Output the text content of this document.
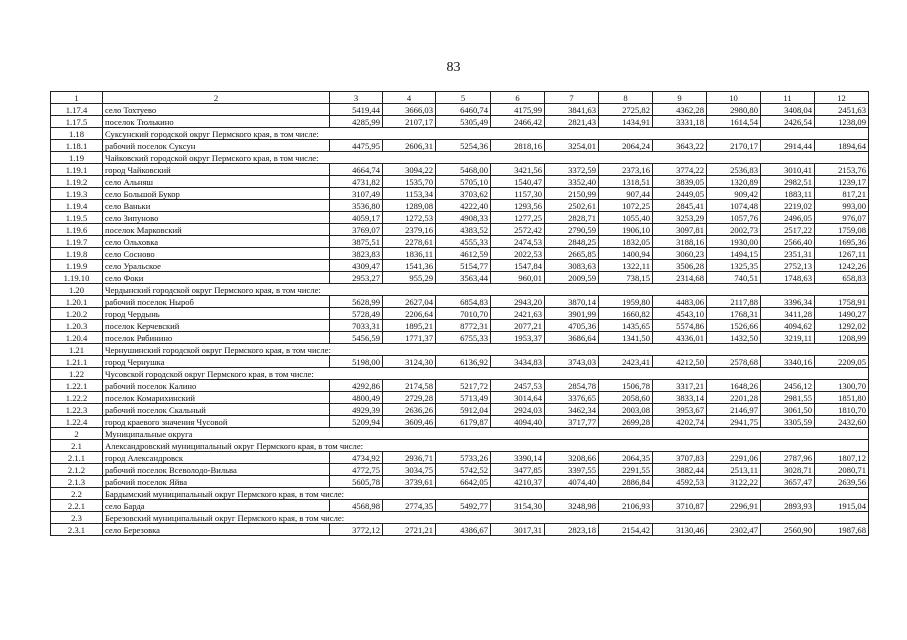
83
1	2	3	4	5	6	7	8	9	10	11	12
1.17.4	село Тохтуево	5419,44	3666,03	6460,74	4175,99	3841,63	2725,82	4362,28	2980,80	3408,04	2451,63
1.17.5	поселок Тюлькино	4285,99	2107,17	5305,49	2466,42	2821,43	1434,91	3331,18	1614,54	2426,54	1238,09
1.18	Суксунский городской округ Пермского края, в том числе:										
1.18.1	рабочий поселок Суксун	4475,95	2606,31	5254,36	2818,16	3254,01	2064,24	3643,22	2170,17	2914,44	1894,64
1.19	Чайковский городской округ Пермского края, в том числе:										
1.19.1	город Чайковский	4664,74	3094,22	5468,00	3421,56	3372,59	2373,16	3774,22	2536,83	3010,41	2153,76
1.19.2	село Альняш	4731,82	1535,70	5705,10	1540,47	3352,40	1318,51	3839,05	1320,89	2982,51	1239,17
1.19.3	село Большой Букор	3107,49	1153,34	3703,62	1157,30	2150,99	907,44	2449,05	909,42	1883,11	817,21
1.19.4	село Ваньки	3536,80	1289,08	4222,40	1293,56	2502,61	1072,25	2845,41	1074,48	2219,02	993,00
1.19.5	село Зипуново	4059,17	1272,53	4908,33	1277,25	2828,71	1055,40	3253,29	1057,76	2496,05	976,07
1.19.6	поселок Марковский	3769,07	2379,16	4383,52	2572,42	2790,59	1906,10	3097,81	2002,73	2517,22	1759,08
1.19.7	село Ольховка	3875,51	2278,61	4555,33	2474,53	2848,25	1832,05	3188,16	1930,00	2566,40	1695,36
1.19.8	село Сосново	3823,83	1836,11	4612,59	2022,53	2665,85	1400,94	3060,23	1494,15	2351,31	1267,11
1.19.9	село Уральское	4309,47	1541,36	5154,77	1547,84	3083,63	1322,11	3506,28	1325,35	2752,13	1242,26
1.19.10	село Фоки	2953,27	955,29	3563,44	960,01	2009,59	738,15	2314,68	740,51	1748,63	658,83
1.20	Чердынский городской округ Пермского края, в том числе:										
1.20.1	рабочий поселок Ныроб	5628,99	2627,04	6854,83	2943,20	3870,14	1959,80	4483,06	2117,88	3396,34	1758,91
1.20.2	город Чердынь	5728,49	2206,64	7010,70	2421,63	3901,99	1660,82	4543,10	1768,31	3411,28	1490,27
1.20.3	поселок Керчевский	7033,31	1895,21	8772,31	2077,21	4705,36	1435,65	5574,86	1526,66	4094,62	1292,02
1.20.4	поселок Рябинино	5456,59	1771,37	6755,33	1953,37	3686,64	1341,50	4336,01	1432,50	3219,11	1208,99
1.21	Чернушинский городской округ Пермского края, в том числе:										
1.21.1	город Чернушка	5198,00	3124,30	6136,92	3434,83	3743,03	2423,41	4212,50	2578,68	3340,16	2209,05
1.22	Чусовской городской округ Пермского края, в том числе:										
1.22.1	рабочий поселок Калино	4292,86	2174,58	5217,72	2457,53	2854,78	1506,78	3317,21	1648,26	2456,12	1300,70
1.22.2	поселок Комарихинский	4800,49	2729,28	5713,49	3014,64	3376,65	2058,60	3833,14	2201,28	2981,55	1851,80
1.22.3	рабочий поселок Скальный	4929,39	2636,26	5912,04	2924,03	3462,34	2003,08	3953,67	2146,97	3061,50	1810,70
1.22.4	город краевого значения Чусовой	5209,94	3609,46	6179,87	4094,40	3717,77	2699,28	4202,74	2941,75	3305,59	2432,60
2	Муниципальные округа										
2.1	Александровский муниципальный округ Пермского края, в том числе:										
2.1.1	город Александровск	4734,92	2936,71	5733,26	3390,14	3208,66	2064,35	3707,83	2291,06	2787,96	1807,12
2.1.2	рабочий поселок Всеволодо-Вильва	4772,75	3034,75	5742,52	3477,85	3397,55	2291,55	3882,44	2513,11	3028,71	2080,71
2.1.3	рабочий поселок Яйва	5605,78	3739,61	6642,05	4210,37	4074,40	2886,84	4592,53	3122,22	3657,47	2639,56
2.2	Бардымский муниципальный округ Пермского края, в том числе:										
2.2.1	село Барда	4568,98	2774,35	5492,77	3154,30	3248,98	2106,93	3710,87	2296,91	2893,93	1915,04
2.3	Березовский муниципальный округ Пермского края, в том числе:										
2.3.1	село Березовка	3772,12	2721,21	4386,67	3017,31	2823,18	2154,42	3130,46	2302,47	2560,90	1987,68
